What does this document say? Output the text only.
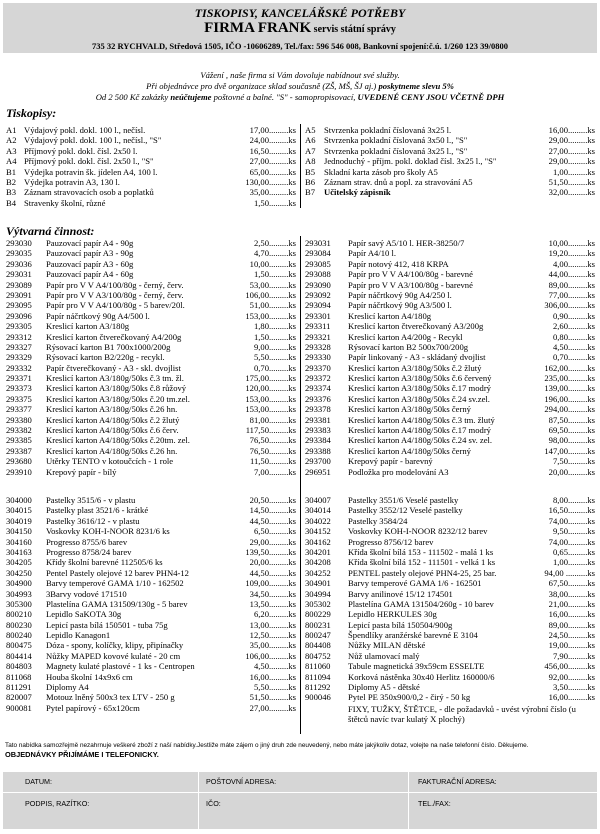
TISKOPISY, KANCELÁŘSKÉ POTŘEBY
FIRMA FRANK servis státní správy
735 32 RYCHVALD, Středová 1505, IČO -10606289, Tel./fax: 596 546 008, Bankovní spojení:č.ú. 1/260 123 39/0800
Vážení , naše firma si Vám dovoluje nabídnout své služby.
Při objednávce pro dvě organizace sklad současně (ZŠ, MŠ, ŠJ aj.) poskytneme slevu 5%
Od 2 500 Kč zakázky neúčtujeme poštovné a balné. "S" - samopropisovací, UVEDENÉ CENY JSOU VČETNĚ DPH
Tiskopisy:
Výtvarná činnost:
A1 Výdajový pokl. dokl. 100 l., nečísl.	17,00.........ks
A2 Výdajový pokl. dokl. 100 l., nečísl., "S"	24,00.........ks
A3 Příjmový pokl. dokl. čísl. 2x50 l.	16,50.........ks
A4 Příjmový pokl. dokl. čísl. 2x50 l., "S"	27,00.........ks
B1 Výdejka potravin šk. jídelen A4, 100 l.	65,00.........ks
B2 Výdejka potravin A3, 130 l.	130,00.........ks
B3 Záznam stravovacích osob a poplatků	35,00.........ks
B4 Stravenky školní, různé	1,50.........ks
A5 Stvrzenka pokladní číslovaná 3x25 l.	16,00.........ks
A6 Stvrzenka pokladní číslovaná 3x50 l., "S"	29,00.........ks
A7 Stvrzenka pokladní číslovaná 3x25 l., "S"	27,00.........ks
A8 Jednoduchý - příjm. pokl. doklad čísl. 3x25 l., "S"	29,00.........ks
B5 Skladní karta zásob pro školy A5	1,00.........ks
B6 Záznam strav. dnů a popl. za stravování A5	51,50.........ks
B7 Učitelský zápisník	32,00.........ks
293030 Pauzovací papír A4 - 90g	2,50.........ks
293035 Pauzovací papír A3 - 90g	4,70.........ks
293036 Pauzovací papír A3 - 60g	10,00.........ks
293031 Pauzovací papír A4 - 60g	1,50.........ks
293089 Papír pro V V A4/100/80g - černý, červ.	53,00.........ks
293091 Papír pro V V A3/100/80g - černý, červ.	106,00.........ks
293095 Papír pro V V A4/100/80g - 5 barev/20l.	51,00.........ks
293096 Papír náčrtkový 90g A4/500 l.	153,00.........ks
293305 Kreslicí karton A3/180g	1,80.........ks
293312 Kreslicí karton čtverečkovaný A4/200g	1,50.........ks
293327 Rýsovací karton B1 700x1000/200g	9,00.........ks
293329 Rýsovací karton B2/220g - recykl.	5,50.........ks
293332 Papír čtverečkovaný - A3 - skl. dvojlist	0,70.........ks
293371 Kreslicí karton A3/180g/50ks č.3 tm. žl.	175,00.........ks
293373 Kreslicí karton A3/180g/50ks č.8 růžový	120,00.........ks
293375 Kreslicí karton A3/180g/50ks č.20 tm.zel.	153,00.........ks
293377 Kreslicí karton A3/180g/50ks č.26 hn.	153,00.........ks
293380 Kreslicí karton A4/180g/50ks č.2 žlutý	81,00.........ks
293382 Kreslicí karton A4/180g/50ks č.6 červ.	117,50.........ks
293385 Kreslicí karton A4/180g/50ks č.20tm. zel.	76,50.........ks
293387 Kreslicí karton A4/180g/50ks č.26 hn.	76,50.........ks
293680 Utěrky TENTO v kotoučcích - 1 role	11,50.........ks
293910 Krepový papír - bílý	7,00.........ks
293031 Papír savý A5/10 l. HER-38250/7	10,00.........ks
293084 Papír A4/10 l.	19,20.........ks
293085 Papír notový 412, 418 KRPA	4,00.........ks
293088 Papír pro V V A4/100/80g - barevné	44,00.........ks
293090 Papír pro V V A3/100/80g - barevné	89,00.........ks
293092 Papír náčrtkový 90g A4/250 l.	77,00.........ks
293094 Papír náčrtkový 90g A3/500 l.	306,00.........ks
293301 Kreslicí karton A4/180g	0,90.........ks
293311 Kreslicí karton čtverečkovaný A3/200g	2,60.........ks
293321 Kreslicí karton A4/200g - Recykl	0,80.........ks
293328 Rýsovací karton B2 500x700/200g	4,50.........ks
293330 Papír linkovaný - A3 - skládaný dvojlist	0,70.........ks
293370 Kreslicí karton A3/180g/50ks č.2 žlutý	162,00.........ks
293372 Kreslicí karton A3/180g/50ks č.6 červený	235,00.........ks
293374 Kreslicí karton A3/180g/50ks č.17 modrý	139,00.........ks
293376 Kreslicí karton A3/180g/50ks č.24 sv.zel.	196,00.........ks
293378 Kreslicí karton A3/180g/50ks černý	294,00.........ks
293381 Kreslicí karton A4/180g/50ks č.3 tm. žlutý	87,50.........ks
293383 Kreslicí karton A4/180g/50ks č.17 modrý	69,50.........ks
293384 Kreslicí karton A4/180g/50ks č.24 sv. zel.	98,00.........ks
293388 Kreslicí karton A4/180g/50ks černý	147,00.........ks
293700 Krepový papír - barevný	7,50.........ks
296951 Podložka pro modelování A3	20,00.........ks
304000 Pastelky 3515/6 - v plastu	20,50.........ks
304015 Pastelky plast 3521/6 - krátké	14,50.........ks
304019 Pastelky 3616/12 - v plastu	44,50.........ks
304150 Voskovky KOH-I-NOOR 8231/6 ks	6,50.........ks
304160 Progresso 8755/6 barev	29,00.........ks
304163 Progresso 8758/24 barev	139,50.........ks
304205 Křídy školní barevné 112505/6 ks	20,00.........ks
304250 Pentel Pastely olejové 12 barev PHN4-12	44,50.........ks
304900 Barvy temperové GAMA 1/10 - 162502	109,00.........ks
304993 3Barvy vodové 171510	34,50.........ks
305300 Plastelína GAMA 131509/130g - 5 barev	13,50.........ks
800210 Lepidlo SaKOTA 30g	6,20.........ks
800230 Lepicí pasta bílá 150501 - tuba 75g	13,00.........ks
800240 Lepidlo Kanagon1	12,50.........ks
800475 Dóza - spony, kolíčky, klipy, připínačky	35,00.........ks
804414 Nůžky MAPED kovové kulaté - 20 cm	106,00.........ks
804803 Magnety kulaté plastové - 1 ks - Centropen	4,50.........ks
811068 Houba školní 14x9x6 cm	16,00.........ks
811291 Diplomy A4	5,50.........ks
820007 Motouz lněný 500x3 tex LTV - 250 g	51,50.........ks
900081 Pytel papírový - 65x120cm	27,00.........ks
304007 Pastelky 3551/6 Veselé pastelky	8,00.........ks
304014 Pastelky 3552/12 Veselé pastelky	16,50.........ks
304022 Pastelky 3584/24	74,00.........ks
304152 Voskovky KOH-I-NOOR 8232/12 barev	9,50.........ks
304162 Progresso 8756/12 barev	74,00.........ks
304201 Křída školní bílá 153 - 111502 - malá 1 ks	0,65.........ks
304208 Křída školní bílá 152 - 111501 - velká 1 ks	1,00.........ks
304252 PENTEL pastely olejové PHN4-25, 25 bar.	94,00 ..........ks
304901 Barvy temperové GAMA 1/6 - 162501	67,50.........ks
304994 Barvy anilinové 15/12 174501	38,00.........ks
305302 Plastelína GAMA 131504/260g - 10 barev	21,00.........ks
800229 Lepidlo HERKULES 30g	16,00.........ks
800231 Lepicí pasta bílá 150504/900g	89,00.........ks
800247 Špendlíky aranžérské barevné E 3104	24,50.........ks
804408 Nůžky MILAN dětské	19,00.........ks
804752 Nůž ulamovací malý	7,90.........ks
811060 Tabule magnetická 39x59cm ESSELTE	456,00.........ks
811094 Korková nástěnka 30x40 Herlitz 160000/6	92,00.........ks
811292 Diplomy A5 - dětské	3,50.........ks
900046 Pytel PE 350x900/0,2 - čirý - 50 kg	16,00.........ks
FIXY, TUŽKY, ŠTĚTCE, - dle požadavků - uvést výrobní číslo (u štětců navíc tvar kulatý X plochý)
Tato nabídka samozřejmě nezahrnuje veškeré zboží z naší nabídky.Jestliže máte zájem o jiný druh zde neuvedený, nebo máte jakýkoliv dotaz, volejte na naše telefonní číslo. Děkujeme.
OBJEDNÁVKY PŘIJÍMÁME I TELEFONICKY.
DATUM:	POŠTOVNÍ ADRESA:	FAKTURAČNÍ ADRESA:
PODPIS, RAZÍTKO:	IČO:	TEL./FAX:
